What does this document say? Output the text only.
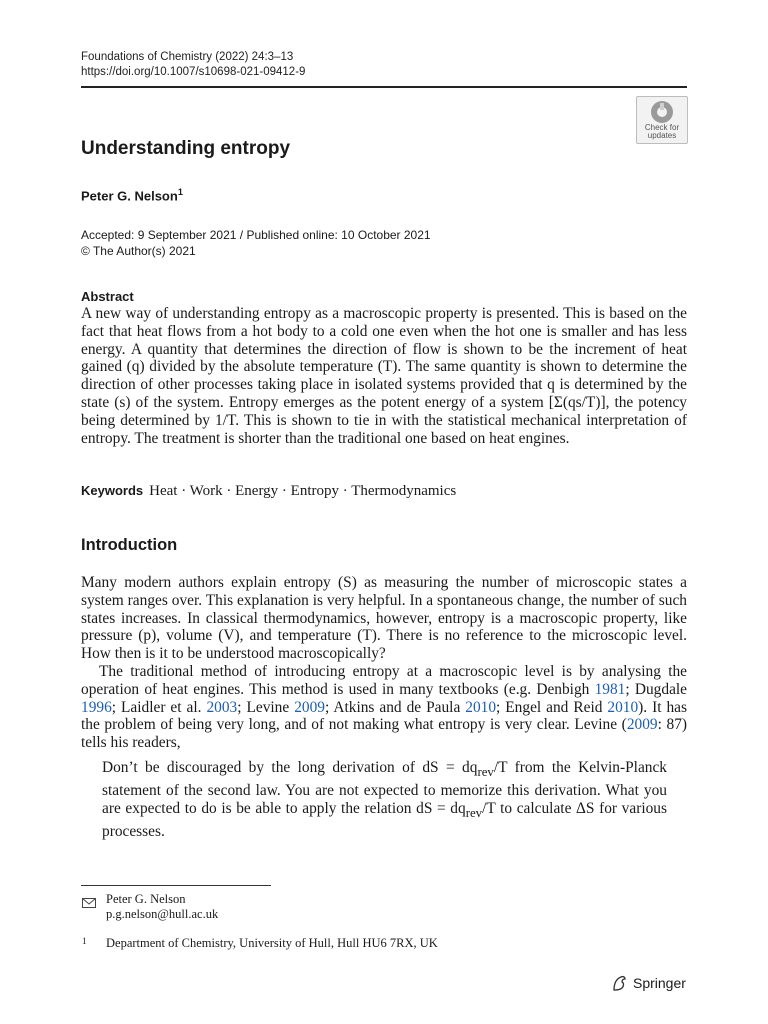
Foundations of Chemistry (2022) 24:3–13
https://doi.org/10.1007/s10698-021-09412-9
Check for
updates
Understanding entropy
Peter G. Nelson$^1$
Accepted: 9 September 2021 / Published online: 10 October 2021
© The Author(s) 2021
Abstract
A new way of understanding entropy as a macroscopic property is presented. This is based on the fact that heat flows from a hot body to a cold one even when the hot one is smaller and has less energy. A quantity that determines the direction of flow is shown to be the increment of heat gained (q) divided by the absolute temperature (T). The same quantity is shown to determine the direction of other processes taking place in isolated systems provided that q is determined by the state (s) of the system. Entropy emerges as the potent energy of a system [Σ(qs/T)], the potency being determined by 1/T. This is shown to tie in with the statistical mechanical interpretation of entropy. The treatment is shorter than the traditional one based on heat engines.
Keywords Heat · Work · Energy · Entropy · Thermodynamics
Introduction

Many modern authors explain entropy (S) as measuring the number of microscopic states a system ranges over. This explanation is very helpful. In a spontaneous change, the number of such states increases. In classical thermodynamics, however, entropy is a macroscopic property, like pressure (p), volume (V), and temperature (T). There is no reference to the microscopic level. How then is it to be understood macroscopically?

The traditional method of introducing entropy at a macroscopic level is by analysing the operation of heat engines. This method is used in many textbooks (e.g. Denbigh 1981; Dugdale 1996; Laidler et al. 2003; Levine 2009; Atkins and de Paula 2010; Engel and Reid 2010). It has the problem of being very long, and of not making what entropy is very clear. Levine (2009: 87) tells his readers,

Don’t be discouraged by the long derivation of dS = $dq_{rev}/T$ from the Kelvin-Planck statement of the second law. You are not expected to memorize this derivation. What you are expected to do is be able to apply the relation dS = $dq_{rev}/T$ to calculate ΔS for various processes.
Peter G. Nelson
p.g.nelson@hull.ac.uk
1 Department of Chemistry, University of Hull, Hull HU6 7RX, UK
Springer
